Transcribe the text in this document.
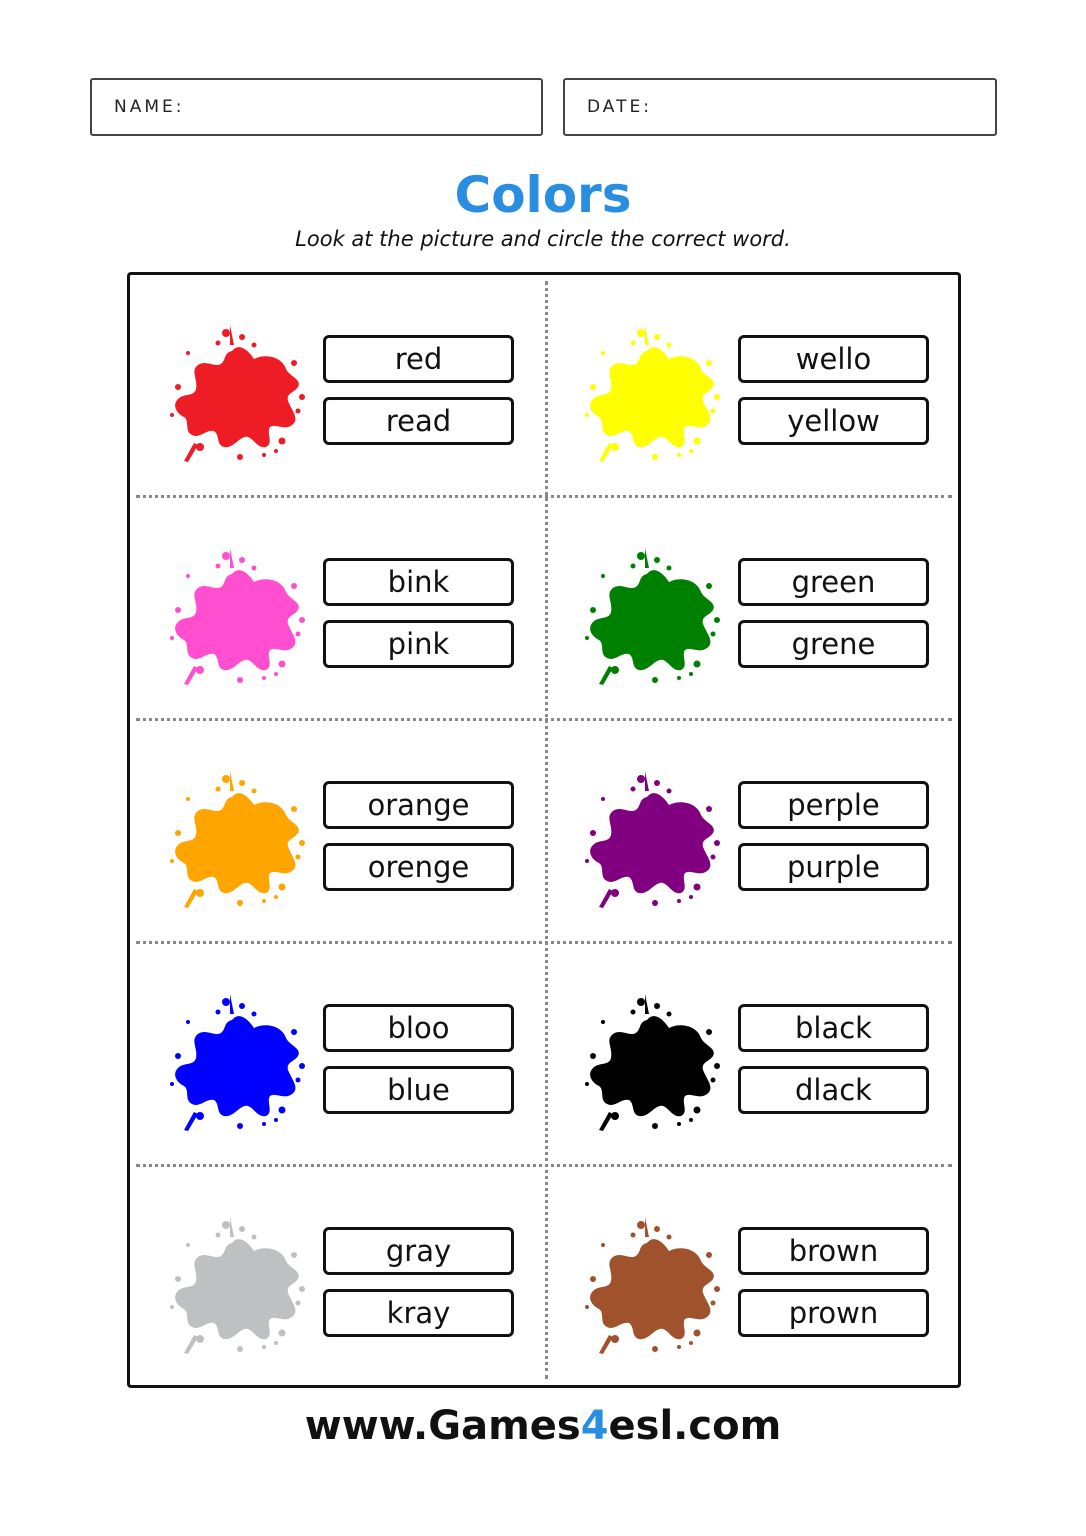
NAME:	DATE:
Colors
Look at the picture and circle the correct word.
red
read
wello
yellow
bink
pink
green
grene
orange
orenge
perple
purple
bloo
blue
black
dlack
gray
kray
brown
prown
www.Games4esl.com
